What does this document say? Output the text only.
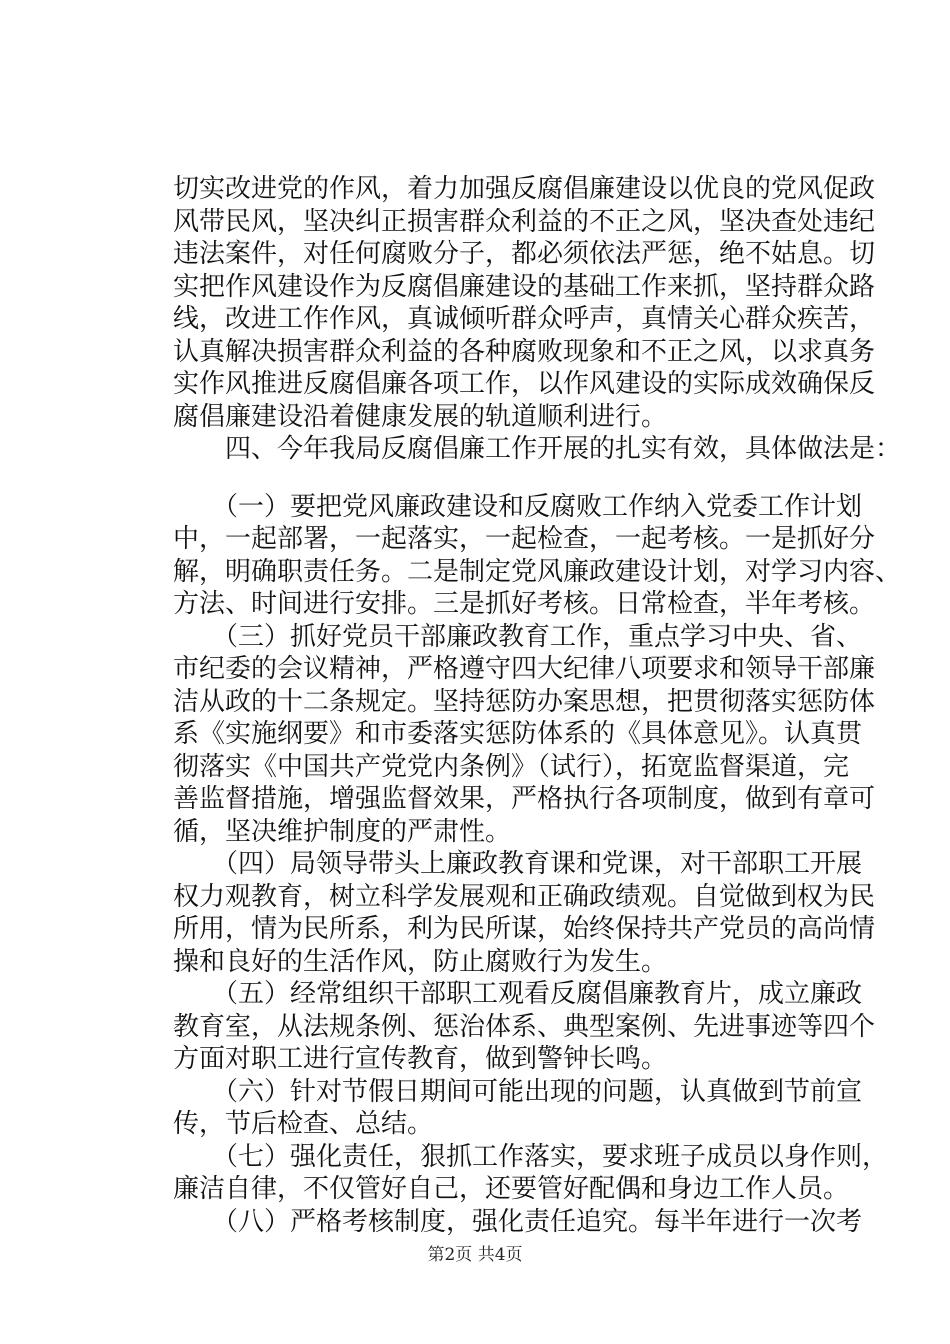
切实改进党的作风，着力加强反腐倡廉建设以优良的党风促政
风带民风，坚决纠正损害群众利益的不正之风，坚决查处违纪
违法案件，对任何腐败分子，都必须依法严惩，绝不姑息。切
实把作风建设作为反腐倡廉建设的基础工作来抓，坚持群众路
线，改进工作作风，真诚倾听群众呼声，真情关心群众疾苦，
认真解决损害群众利益的各种腐败现象和不正之风，以求真务
实作风推进反腐倡廉各项工作，以作风建设的实际成效确保反
腐倡廉建设沿着健康发展的轨道顺利进行。
　　四、今年我局反腐倡廉工作开展的扎实有效，具体做法是：
　　（一）要把党风廉政建设和反腐败工作纳入党委工作计划
中，一起部署，一起落实，一起检查，一起考核。一是抓好分
解，明确职责任务。二是制定党风廉政建设计划，对学习内容、
方法、时间进行安排。三是抓好考核。日常检查，半年考核。
　　（三）抓好党员干部廉政教育工作，重点学习中央、省、
市纪委的会议精神，严格遵守四大纪律八项要求和领导干部廉
洁从政的十二条规定。坚持惩防办案思想，把贯彻落实惩防体
系《实施纲要》和市委落实惩防体系的《具体意见》。认真贯
彻落实《中国共产党党内条例》（试行），拓宽监督渠道，完
善监督措施，增强监督效果，严格执行各项制度，做到有章可
循，坚决维护制度的严肃性。
　　（四）局领导带头上廉政教育课和党课，对干部职工开展
权力观教育，树立科学发展观和正确政绩观。自觉做到权为民
所用，情为民所系，利为民所谋，始终保持共产党员的高尚情
操和良好的生活作风，防止腐败行为发生。
　　（五）经常组织干部职工观看反腐倡廉教育片，成立廉政
教育室，从法规条例、惩治体系、典型案例、先进事迹等四个
方面对职工进行宣传教育，做到警钟长鸣。
　　（六）针对节假日期间可能出现的问题，认真做到节前宣
传，节后检查、总结。
　　（七）强化责任，狠抓工作落实，要求班子成员以身作则，
廉洁自律，不仅管好自己，还要管好配偶和身边工作人员。
　　（八）严格考核制度，强化责任追究。每半年进行一次考
第2页 共4页
